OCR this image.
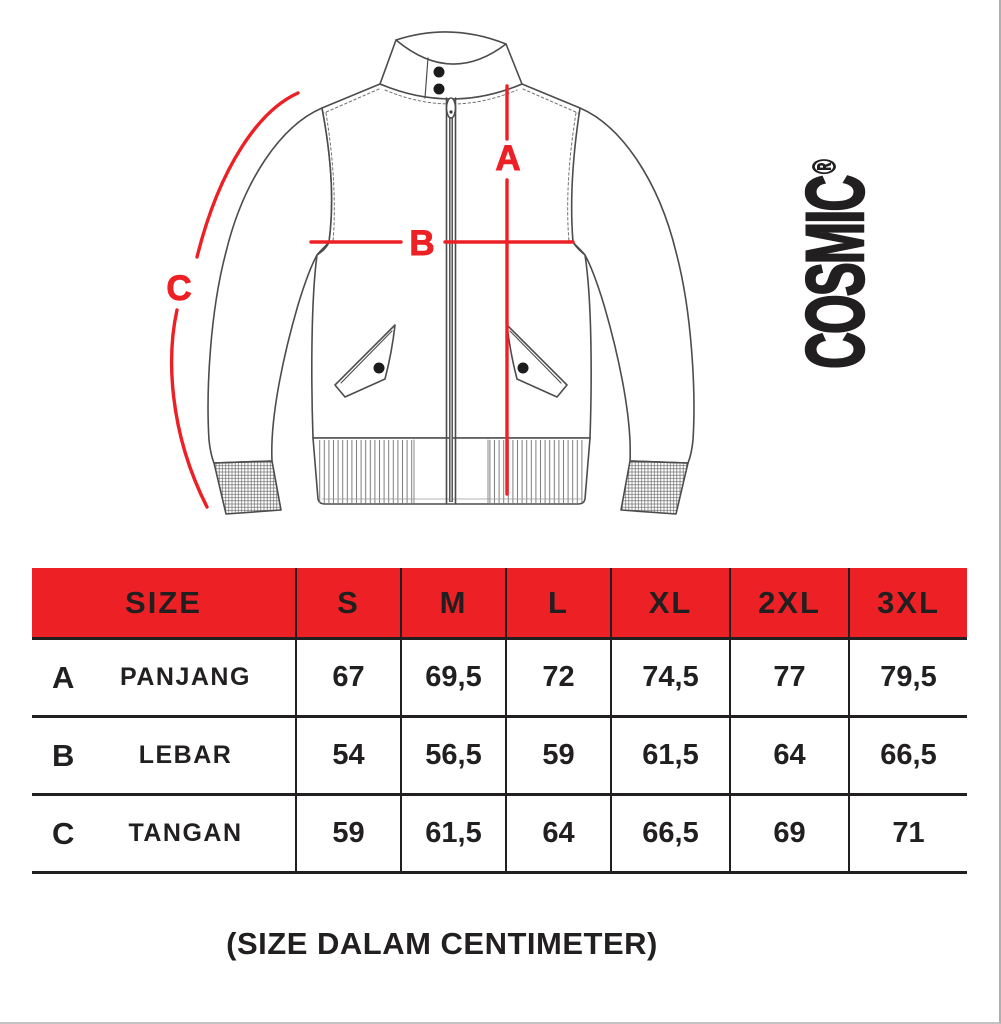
A
B
C	COSMIC®
SIZE	S	M	L	XL	2XL	3XL

A PANJANG	67	69,5	72	74,5	77	79,5

B LEBAR	54	56,5	59	61,5	64	66,5

C TANGAN	59	61,5	64	66,5	69	71
(SIZE DALAM CENTIMETER)
